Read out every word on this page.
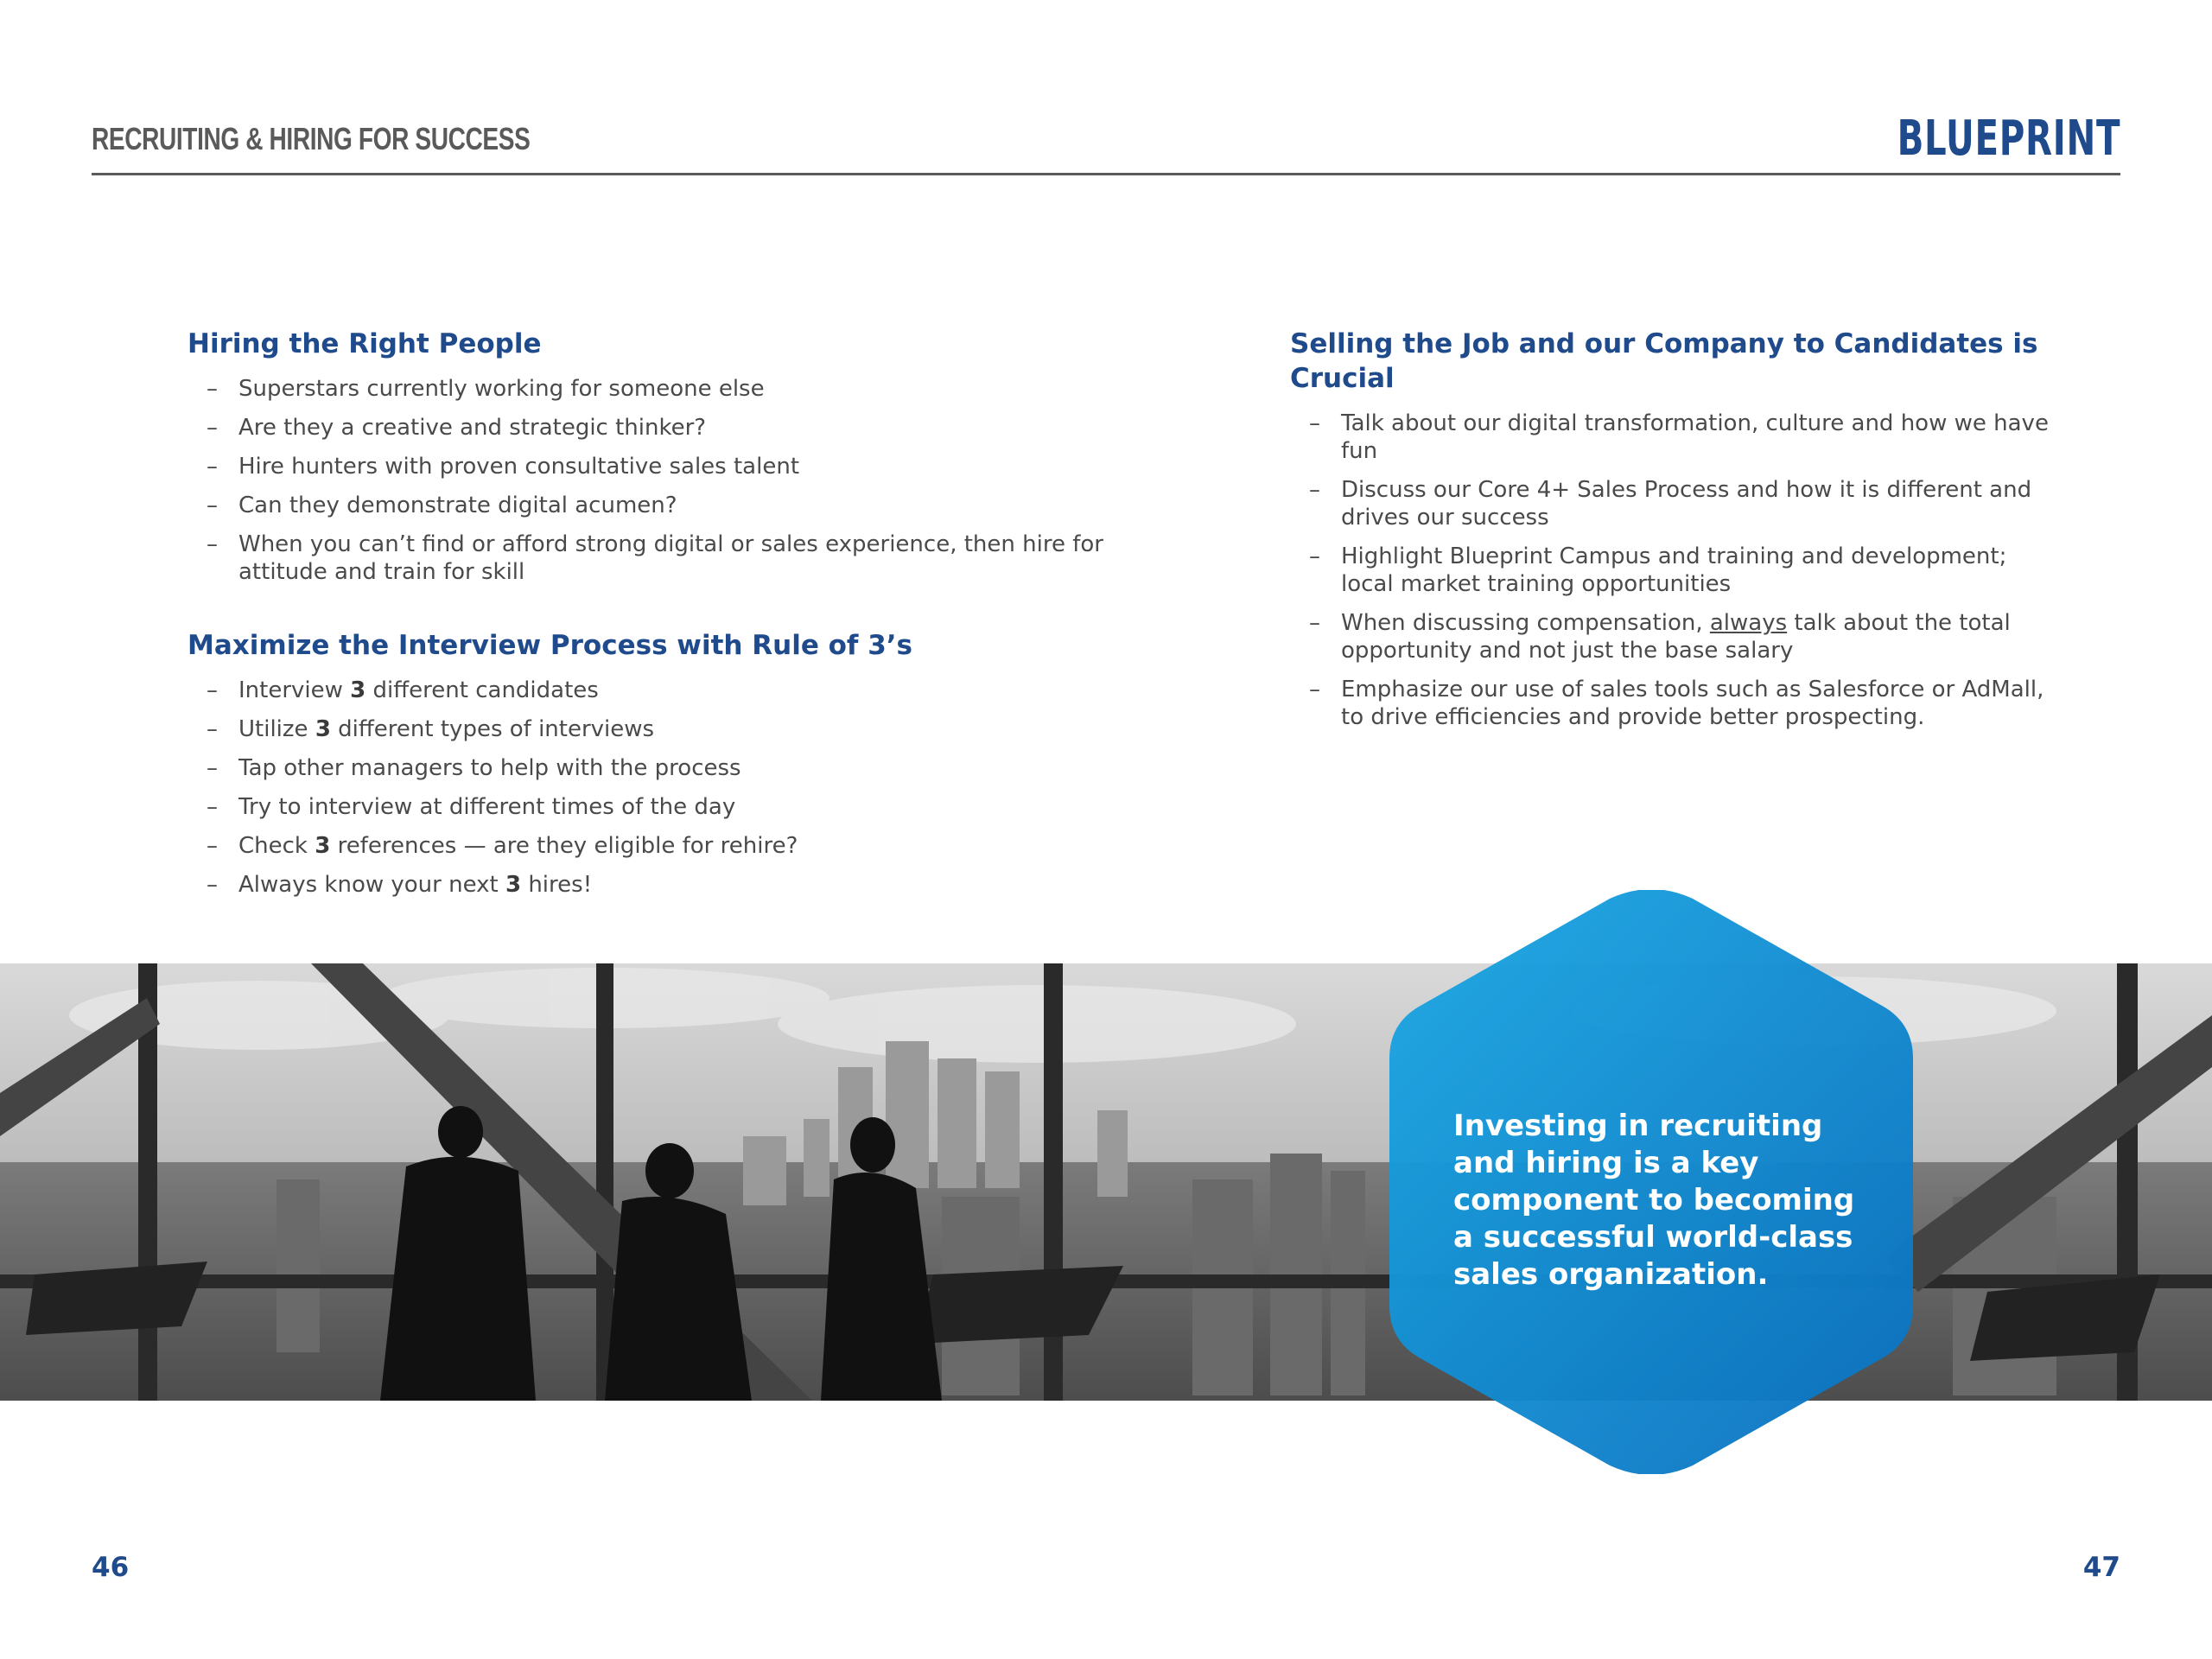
RECRUITING & HIRING FOR SUCCESS	BLUEPRINT
Hiring the Right People
– Superstars currently working for someone else
– Are they a creative and strategic thinker?
– Hire hunters with proven consultative sales talent
– Can they demonstrate digital acumen?
– When you can’t find or afford strong digital or sales experience, then hire for attitude and train for skill
Maximize the Interview Process with Rule of 3’s
– Interview 3 different candidates
– Utilize 3 different types of interviews
– Tap other managers to help with the process
– Try to interview at different times of the day
– Check 3 references — are they eligible for rehire?
– Always know your next 3 hires!
Selling the Job and our Company to Candidates is Crucial
– Talk about our digital transformation, culture and how we have fun
– Discuss our Core 4+ Sales Process and how it is different and drives our success
– Highlight Blueprint Campus and training and development; local market training opportunities
– When discussing compensation, always talk about the total opportunity and not just the base salary
– Emphasize our use of sales tools such as Salesforce or AdMall, to drive efficiencies and provide better prospecting.
Investing in recruiting and hiring is a key component to becoming a successful world-class sales organization.
46	47
